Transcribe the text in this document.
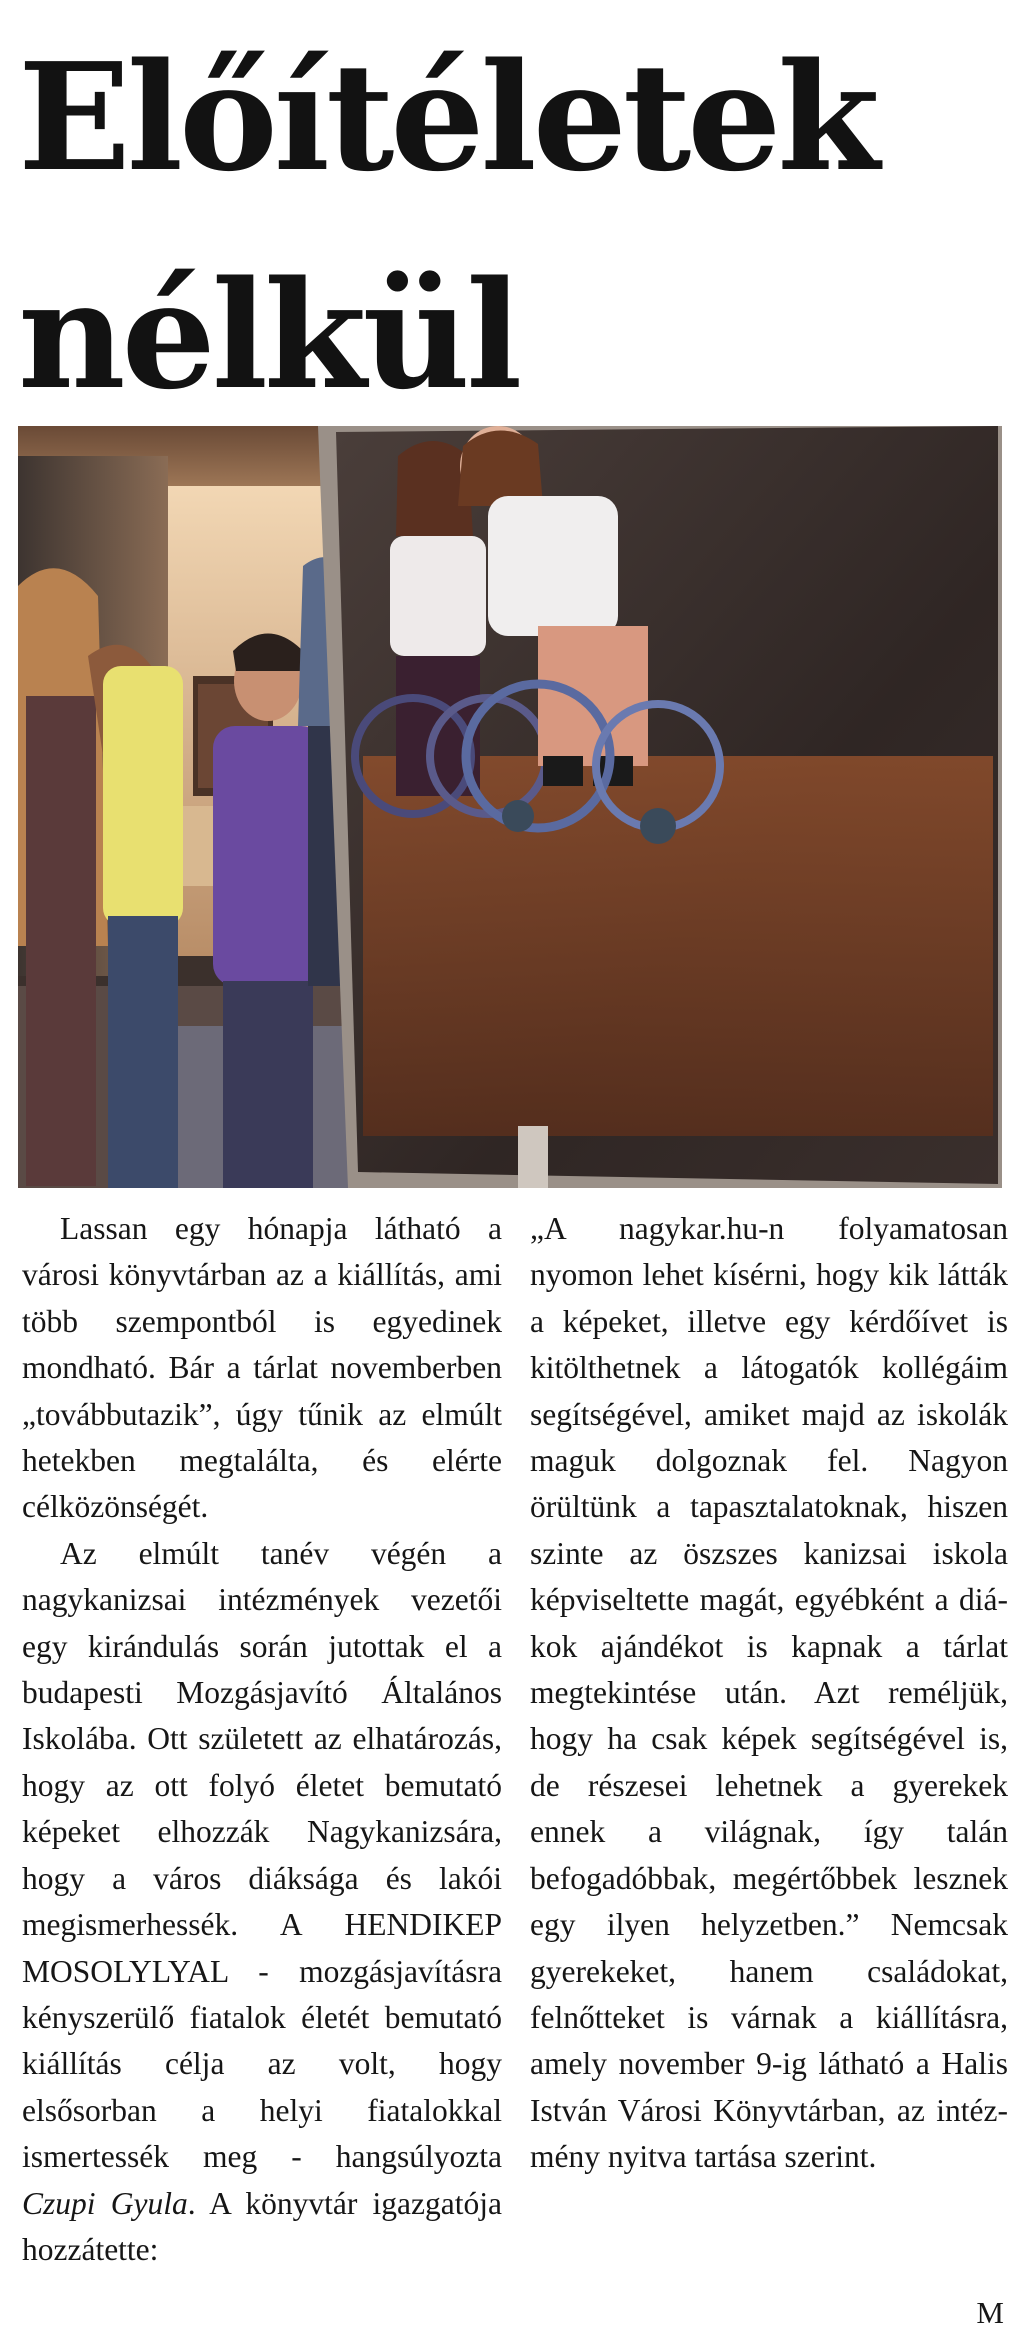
Előítéletek
nélkül

Lassan egy hónapja látható a városi könyvtárban az a kiállítás, ami több szempontból is egyedinek mondható. Bár a tárlat novemberben „továbbutazik”, úgy tűnik az elmúlt hetekben megtalálta, és elérte célközönségét.

Az elmúlt tanév végén a nagykanizsai intézmények vezetői egy kirándulás során jutottak el a budapesti Mozgásjavító Általános Iskolába. Ott született az elhatározás, hogy az ott folyó életet bemutató képeket elhozzák Nagykanizsára, hogy a város diáksága és lakói megismerhessék. A HENDIKEP MOSOLYLYAL - mozgásjavításra kényszerülő fiatalok életét bemutató kiállítás célja az volt, hogy elsősorban a helyi fiatalokkal ismertessék meg - hangsúlyozta Czupi Gyula. A könyvtár igazgatója hozzátette:

„A nagykar.hu-n folyamatosan nyomon lehet kísérni, hogy kik látták a képeket, illetve egy kérdőívet is kitölthetnek a látogatók kollégáim segítségével, amiket majd az iskolák maguk dolgoznak fel. Nagyon örültünk a tapasztalatoknak, hiszen szinte az öszszes kanizsai iskola képviseltette magát, egyébként a diákok ajándékot is kapnak a tárlat megtekintése után. Azt reméljük, hogy ha csak képek segítségével is, de részesei lehetnek a gyerekek ennek a világnak, így talán befogadóbbak, megértőbbek lesznek egy ilyen helyzetben.” Nemcsak gyerekeket, hanem családokat, felnőtteket is várnak a kiállításra, amely november 9-ig látható a Halis István Városi Könyvtárban, az intézmény nyitva tartása szerint.

M
